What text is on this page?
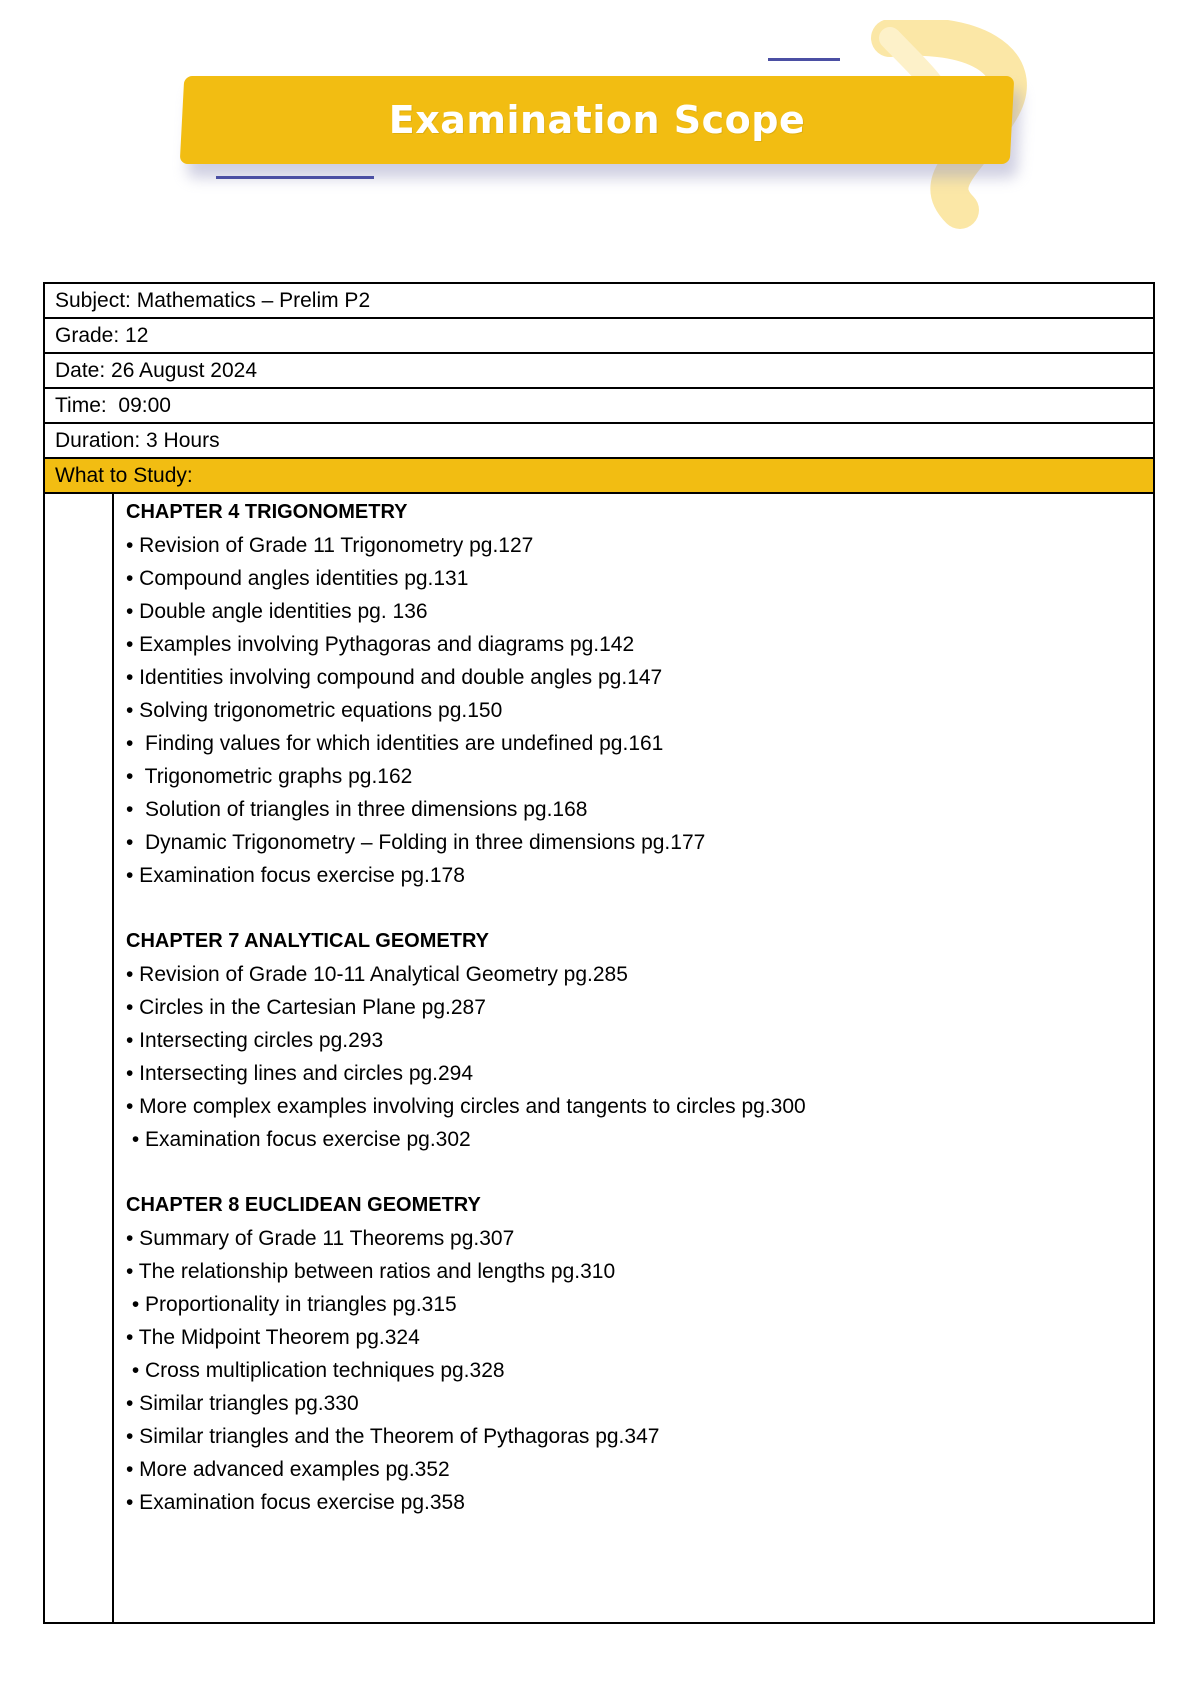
Examination Scope
Subject: Mathematics – Prelim P2
Grade: 12
Date: 26 August 2024
Time:  09:00
Duration: 3 Hours
What to Study:

CHAPTER 4 TRIGONOMETRY
• Revision of Grade 11 Trigonometry pg.127
• Compound angles identities pg.131
• Double angle identities pg. 136
• Examples involving Pythagoras and diagrams pg.142
• Identities involving compound and double angles pg.147
• Solving trigonometric equations pg.150
•  Finding values for which identities are undefined pg.161
•  Trigonometric graphs pg.162
•  Solution of triangles in three dimensions pg.168
•  Dynamic Trigonometry – Folding in three dimensions pg.177
• Examination focus exercise pg.178
CHAPTER 7 ANALYTICAL GEOMETRY
• Revision of Grade 10-11 Analytical Geometry pg.285
• Circles in the Cartesian Plane pg.287
• Intersecting circles pg.293
• Intersecting lines and circles pg.294
• More complex examples involving circles and tangents to circles pg.300
• Examination focus exercise pg.302
CHAPTER 8 EUCLIDEAN GEOMETRY
• Summary of Grade 11 Theorems pg.307
• The relationship between ratios and lengths pg.310
• Proportionality in triangles pg.315
• The Midpoint Theorem pg.324
• Cross multiplication techniques pg.328
• Similar triangles pg.330
• Similar triangles and the Theorem of Pythagoras pg.347
• More advanced examples pg.352
• Examination focus exercise pg.358
